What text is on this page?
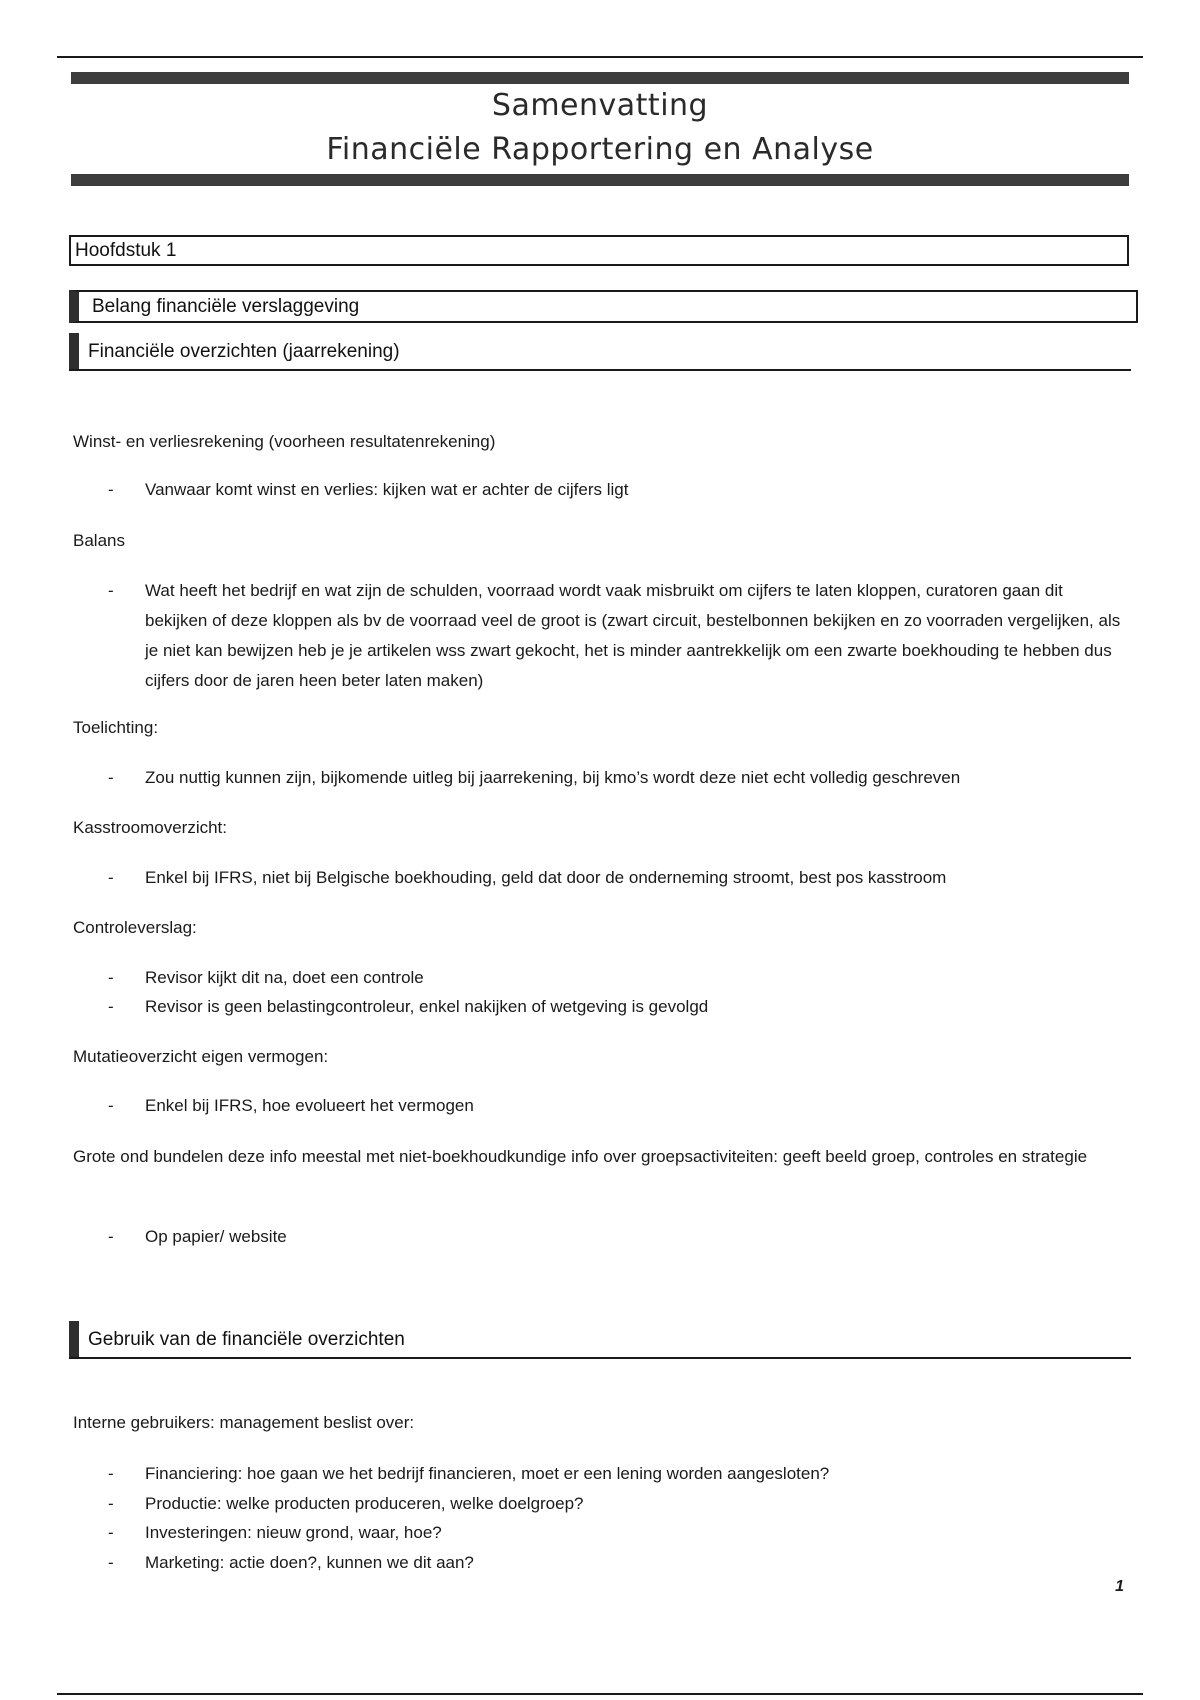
Samenvatting
Financiële Rapportering en Analyse
Hoofdstuk 1
Belang financiële verslaggeving
Financiële overzichten (jaarrekening)
Winst- en verliesrekening (voorheen resultatenrekening)
-	Vanwaar komt winst en verlies: kijken wat er achter de cijfers ligt
Balans
-	Wat heeft het bedrijf en wat zijn de schulden, voorraad wordt vaak misbruikt om cijfers te laten kloppen, curatoren gaan dit bekijken of deze kloppen als bv de voorraad veel de groot is (zwart circuit, bestelbonnen bekijken en zo voorraden vergelijken, als je niet kan bewijzen heb je je artikelen wss zwart gekocht, het is minder aantrekkelijk om een zwarte boekhouding te hebben dus cijfers door de jaren heen beter laten maken)
Toelichting:
-	Zou nuttig kunnen zijn, bijkomende uitleg bij jaarrekening, bij kmo’s wordt deze niet echt volledig geschreven
Kasstroomoverzicht:
-	Enkel bij IFRS, niet bij Belgische boekhouding, geld dat door de onderneming stroomt, best pos kasstroom
Controleverslag:
-	Revisor kijkt dit na, doet een controle
-	Revisor is geen belastingcontroleur, enkel nakijken of wetgeving is gevolgd
Mutatieoverzicht eigen vermogen:
-	Enkel bij IFRS, hoe evolueert het vermogen
Grote ond bundelen deze info meestal met niet-boekhoudkundige info over groepsactiviteiten: geeft beeld groep, controles en strategie
-	Op papier/ website
Gebruik van de financiële overzichten
Interne gebruikers: management beslist over:
-	Financiering: hoe gaan we het bedrijf financieren, moet er een lening worden aangesloten?
-	Productie: welke producten produceren, welke doelgroep?
-	Investeringen: nieuw grond, waar, hoe?
-	Marketing: actie doen?, kunnen we dit aan?
1
